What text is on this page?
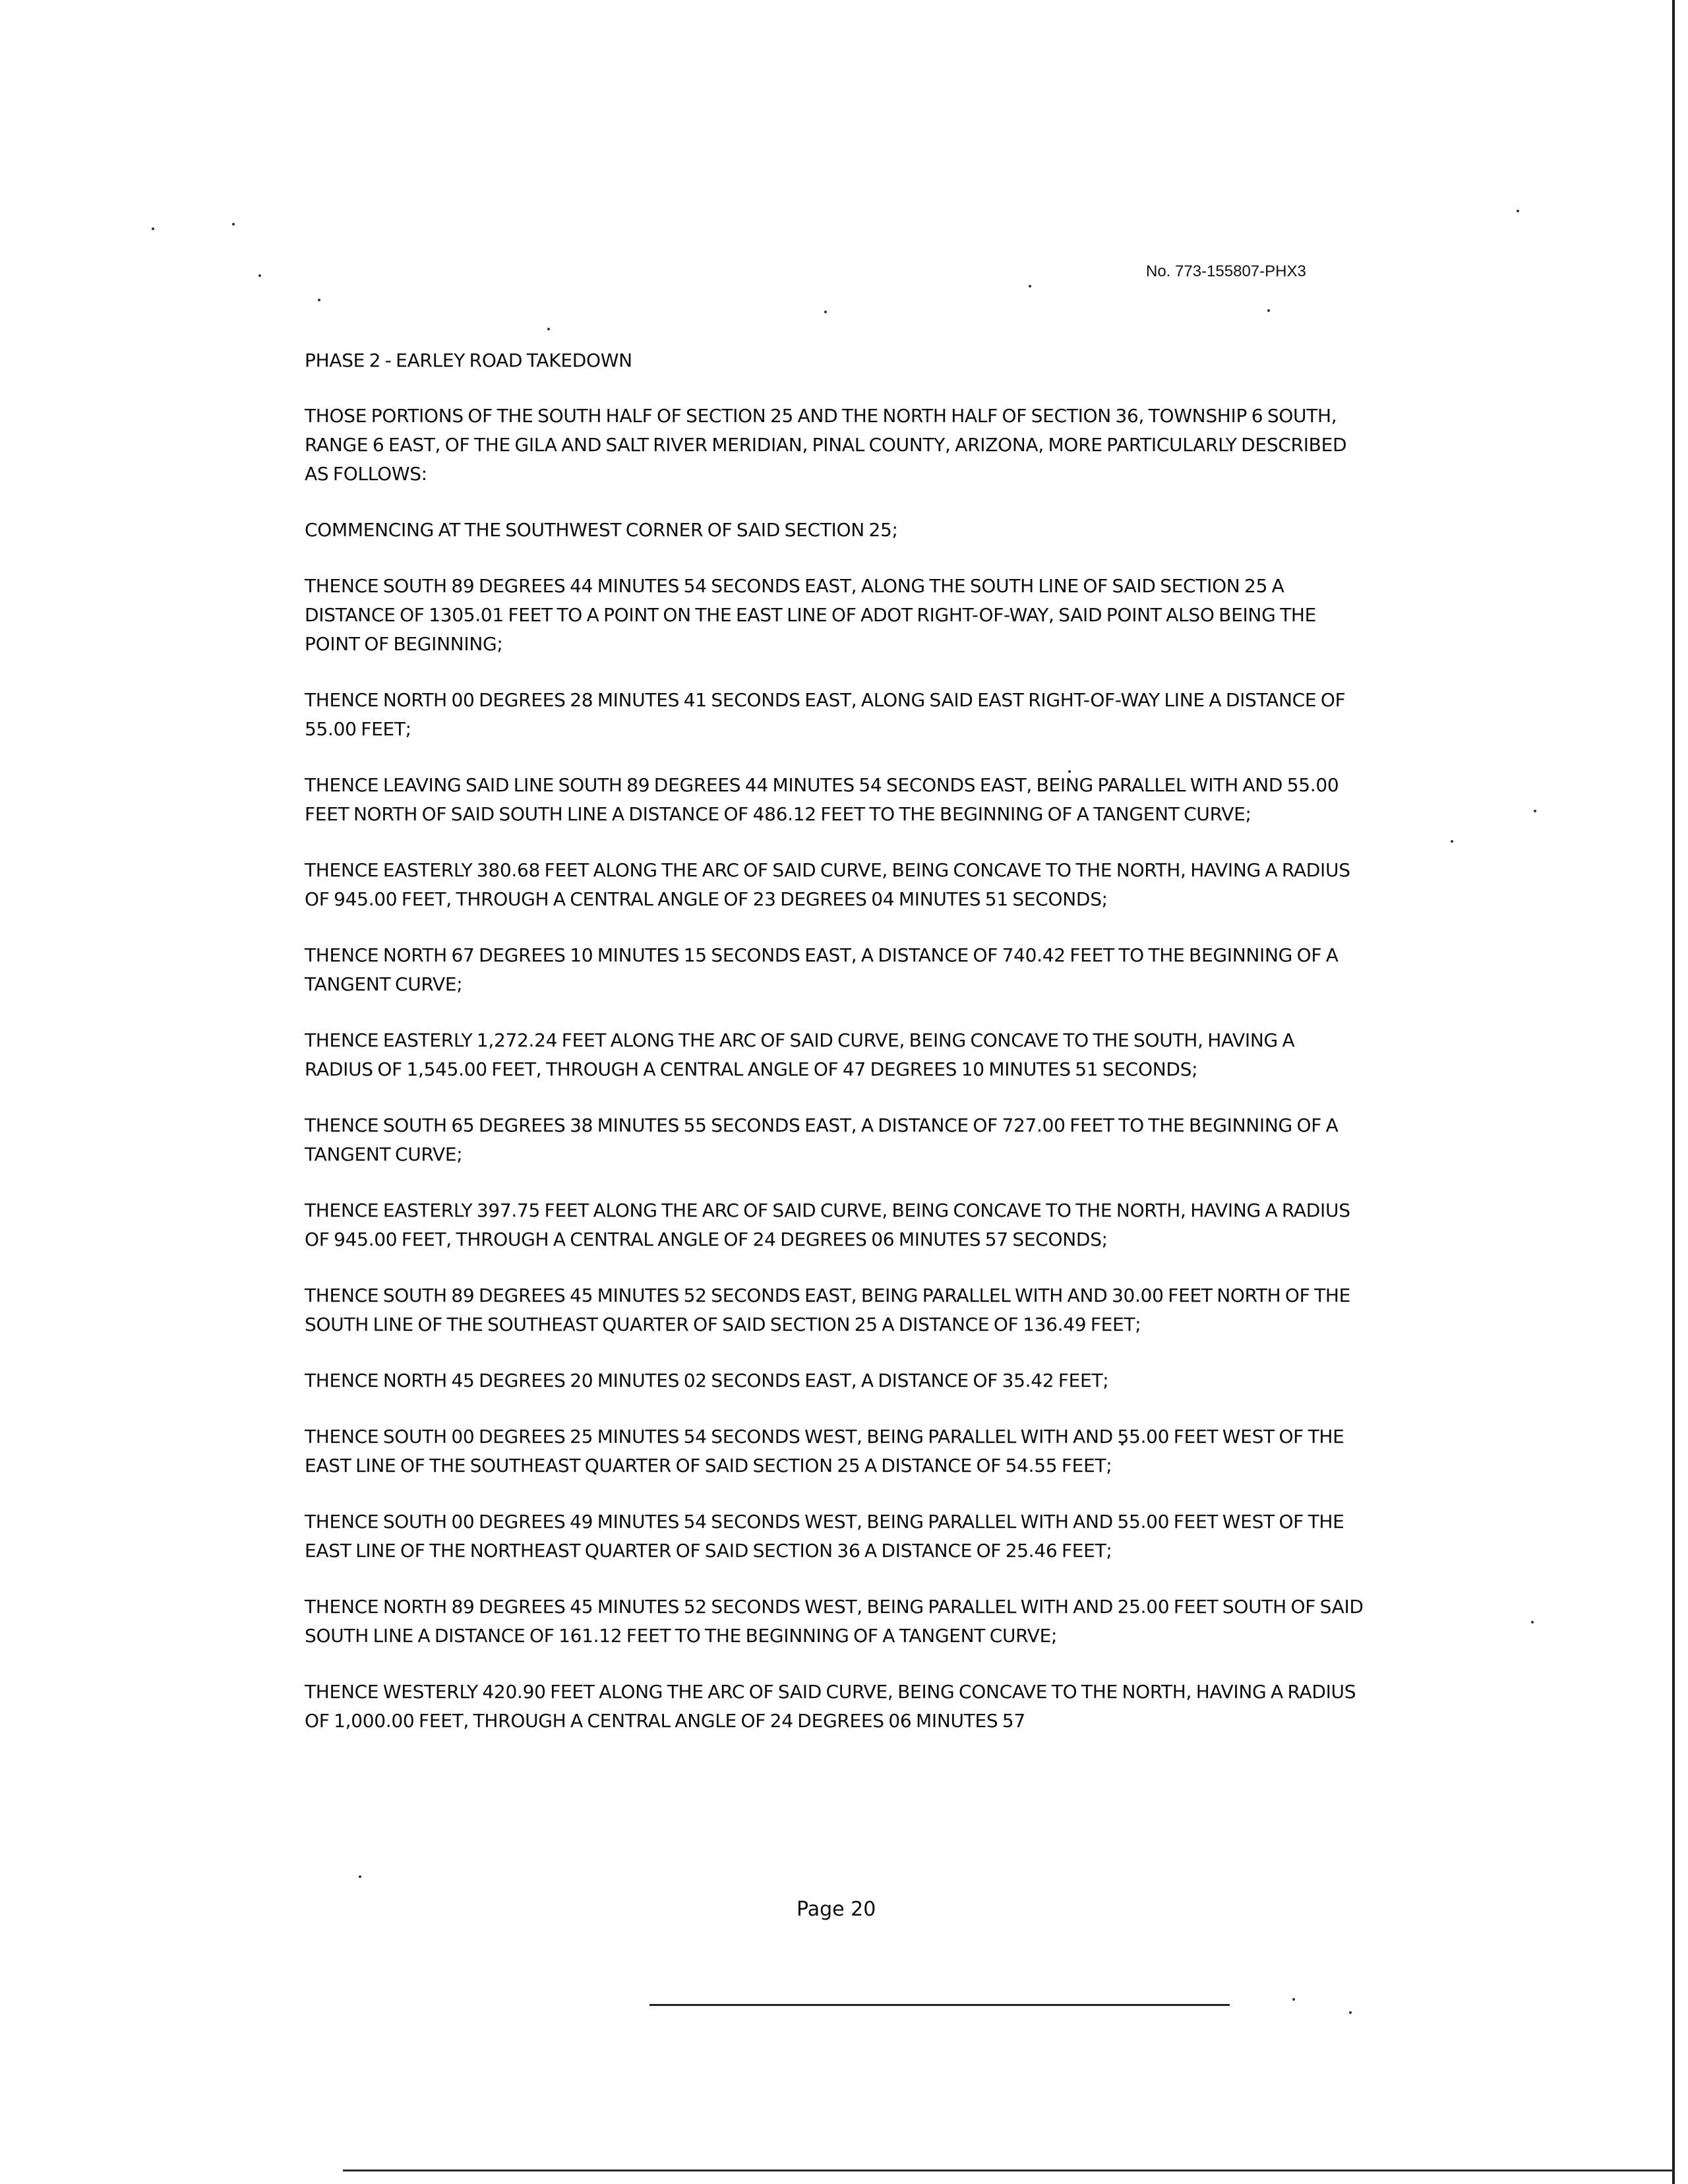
No. 773-155807-PHX3
PHASE 2 - EARLEY ROAD TAKEDOWN
THOSE PORTIONS OF THE SOUTH HALF OF SECTION 25 AND THE NORTH HALF OF SECTION 36, TOWNSHIP 6 SOUTH, RANGE 6 EAST, OF THE GILA AND SALT RIVER MERIDIAN, PINAL COUNTY, ARIZONA, MORE PARTICULARLY DESCRIBED AS FOLLOWS:
COMMENCING AT THE SOUTHWEST CORNER OF SAID SECTION 25;
THENCE SOUTH 89 DEGREES 44 MINUTES 54 SECONDS EAST, ALONG THE SOUTH LINE OF SAID SECTION 25 A DISTANCE OF 1305.01 FEET TO A POINT ON THE EAST LINE OF ADOT RIGHT-OF-WAY, SAID POINT ALSO BEING THE POINT OF BEGINNING;
THENCE NORTH 00 DEGREES 28 MINUTES 41 SECONDS EAST, ALONG SAID EAST RIGHT-OF-WAY LINE A DISTANCE OF 55.00 FEET;
THENCE LEAVING SAID LINE SOUTH 89 DEGREES 44 MINUTES 54 SECONDS EAST, BEING PARALLEL WITH AND 55.00 FEET NORTH OF SAID SOUTH LINE A DISTANCE OF 486.12 FEET TO THE BEGINNING OF A TANGENT CURVE;
THENCE EASTERLY 380.68 FEET ALONG THE ARC OF SAID CURVE, BEING CONCAVE TO THE NORTH, HAVING A RADIUS OF 945.00 FEET, THROUGH A CENTRAL ANGLE OF 23 DEGREES 04 MINUTES 51 SECONDS;
THENCE NORTH 67 DEGREES 10 MINUTES 15 SECONDS EAST, A DISTANCE OF 740.42 FEET TO THE BEGINNING OF A TANGENT CURVE;
THENCE EASTERLY 1,272.24 FEET ALONG THE ARC OF SAID CURVE, BEING CONCAVE TO THE SOUTH, HAVING A RADIUS OF 1,545.00 FEET, THROUGH A CENTRAL ANGLE OF 47 DEGREES 10 MINUTES 51 SECONDS;
THENCE SOUTH 65 DEGREES 38 MINUTES 55 SECONDS EAST, A DISTANCE OF 727.00 FEET TO THE BEGINNING OF A TANGENT CURVE;
THENCE EASTERLY 397.75 FEET ALONG THE ARC OF SAID CURVE, BEING CONCAVE TO THE NORTH, HAVING A RADIUS OF 945.00 FEET, THROUGH A CENTRAL ANGLE OF 24 DEGREES 06 MINUTES 57 SECONDS;
THENCE SOUTH 89 DEGREES 45 MINUTES 52 SECONDS EAST, BEING PARALLEL WITH AND 30.00 FEET NORTH OF THE SOUTH LINE OF THE SOUTHEAST QUARTER OF SAID SECTION 25 A DISTANCE OF 136.49 FEET;
THENCE NORTH 45 DEGREES 20 MINUTES 02 SECONDS EAST, A DISTANCE OF 35.42 FEET;
THENCE SOUTH 00 DEGREES 25 MINUTES 54 SECONDS WEST, BEING PARALLEL WITH AND 55.00 FEET WEST OF THE EAST LINE OF THE SOUTHEAST QUARTER OF SAID SECTION 25 A DISTANCE OF 54.55 FEET;
THENCE SOUTH 00 DEGREES 49 MINUTES 54 SECONDS WEST, BEING PARALLEL WITH AND 55.00 FEET WEST OF THE EAST LINE OF THE NORTHEAST QUARTER OF SAID SECTION 36 A DISTANCE OF 25.46 FEET;
THENCE NORTH 89 DEGREES 45 MINUTES 52 SECONDS WEST, BEING PARALLEL WITH AND 25.00 FEET SOUTH OF SAID SOUTH LINE A DISTANCE OF 161.12 FEET TO THE BEGINNING OF A TANGENT CURVE;
THENCE WESTERLY 420.90 FEET ALONG THE ARC OF SAID CURVE, BEING CONCAVE TO THE NORTH, HAVING A RADIUS OF 1,000.00 FEET, THROUGH A CENTRAL ANGLE OF 24 DEGREES 06 MINUTES 57
Page 20
